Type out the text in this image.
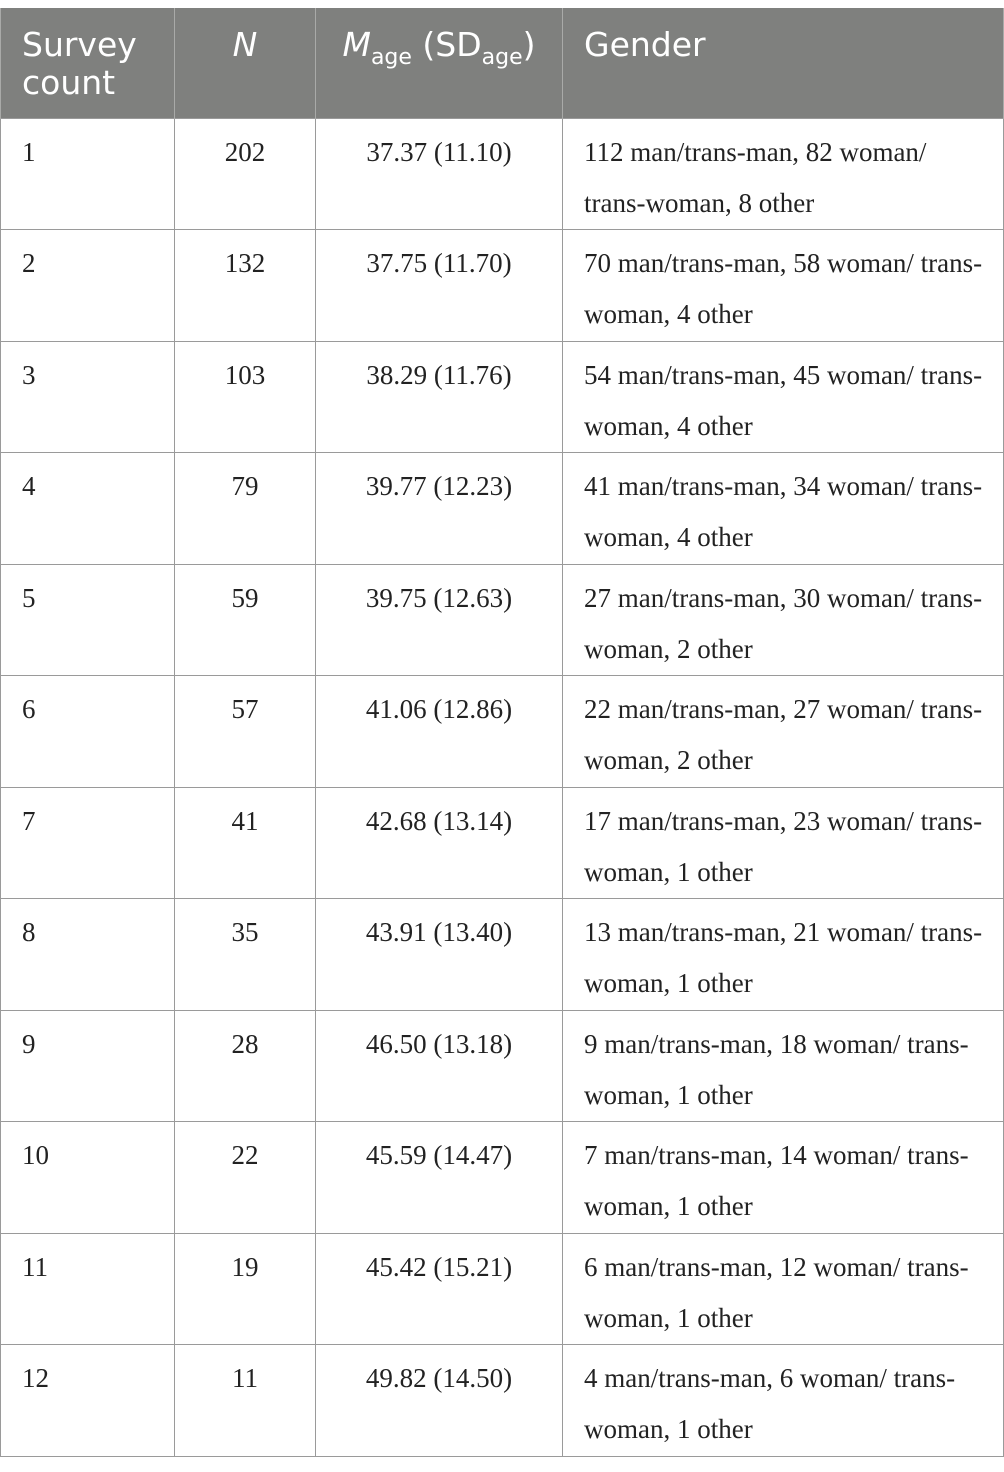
Survey count	N	$M_{age}$ $(SD_{age})$	Gender
1	202	37.37 (11.10)	112 man/trans-man, 82 woman/ trans-woman, 8 other
2	132	37.75 (11.70)	70 man/trans-man, 58 woman/ trans-woman, 4 other
3	103	38.29 (11.76)	54 man/trans-man, 45 woman/ trans-woman, 4 other
4	79	39.77 (12.23)	41 man/trans-man, 34 woman/ trans-woman, 4 other
5	59	39.75 (12.63)	27 man/trans-man, 30 woman/ trans-woman, 2 other
6	57	41.06 (12.86)	22 man/trans-man, 27 woman/ trans-woman, 2 other
7	41	42.68 (13.14)	17 man/trans-man, 23 woman/ trans-woman, 1 other
8	35	43.91 (13.40)	13 man/trans-man, 21 woman/ trans-woman, 1 other
9	28	46.50 (13.18)	9 man/trans-man, 18 woman/ trans-woman, 1 other
10	22	45.59 (14.47)	7 man/trans-man, 14 woman/ trans-woman, 1 other
11	19	45.42 (15.21)	6 man/trans-man, 12 woman/ trans-woman, 1 other
12	11	49.82 (14.50)	4 man/trans-man, 6 woman/ trans-woman, 1 other
